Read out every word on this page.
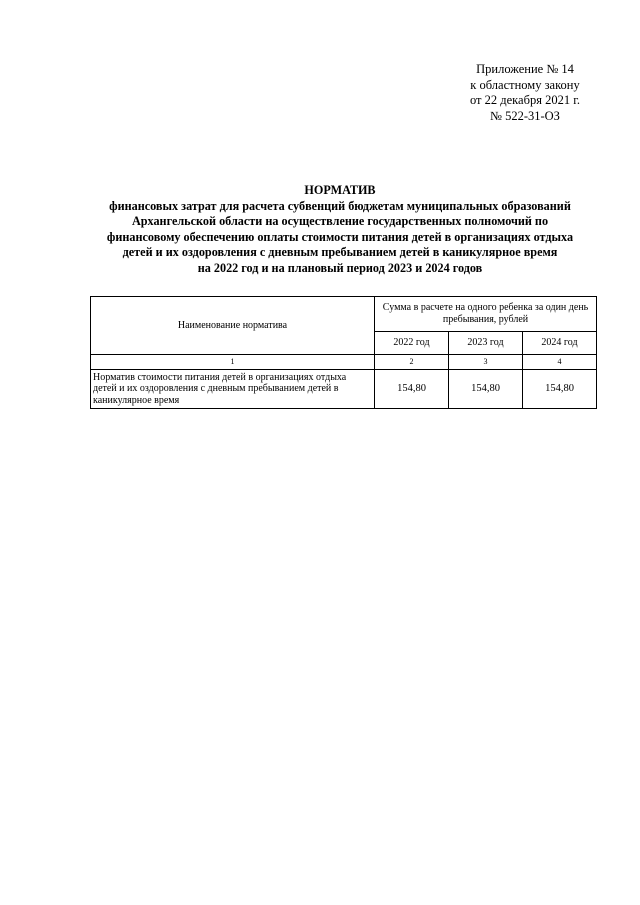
Приложение № 14
к областному закону
от 22 декабря 2021 г.
№ 522-31-ОЗ
НОРМАТИВ
финансовых затрат для расчета субвенций бюджетам муниципальных образований
Архангельской области на осуществление государственных полномочий по
финансовому обеспечению оплаты стоимости питания детей в организациях отдыха
детей и их оздоровления с дневным пребыванием детей в каникулярное время
на 2022 год и на плановый период 2023 и 2024 годов
Наименование норматива	Сумма в расчете на одного ребенка за один день пребывания, рублей		
	2022 год	2023 год	2024 год
1	2	3	4
Норматив стоимости питания детей в организациях отдыха детей и их оздоровления с дневным пребыванием детей в каникулярное время	154,80	154,80	154,80
